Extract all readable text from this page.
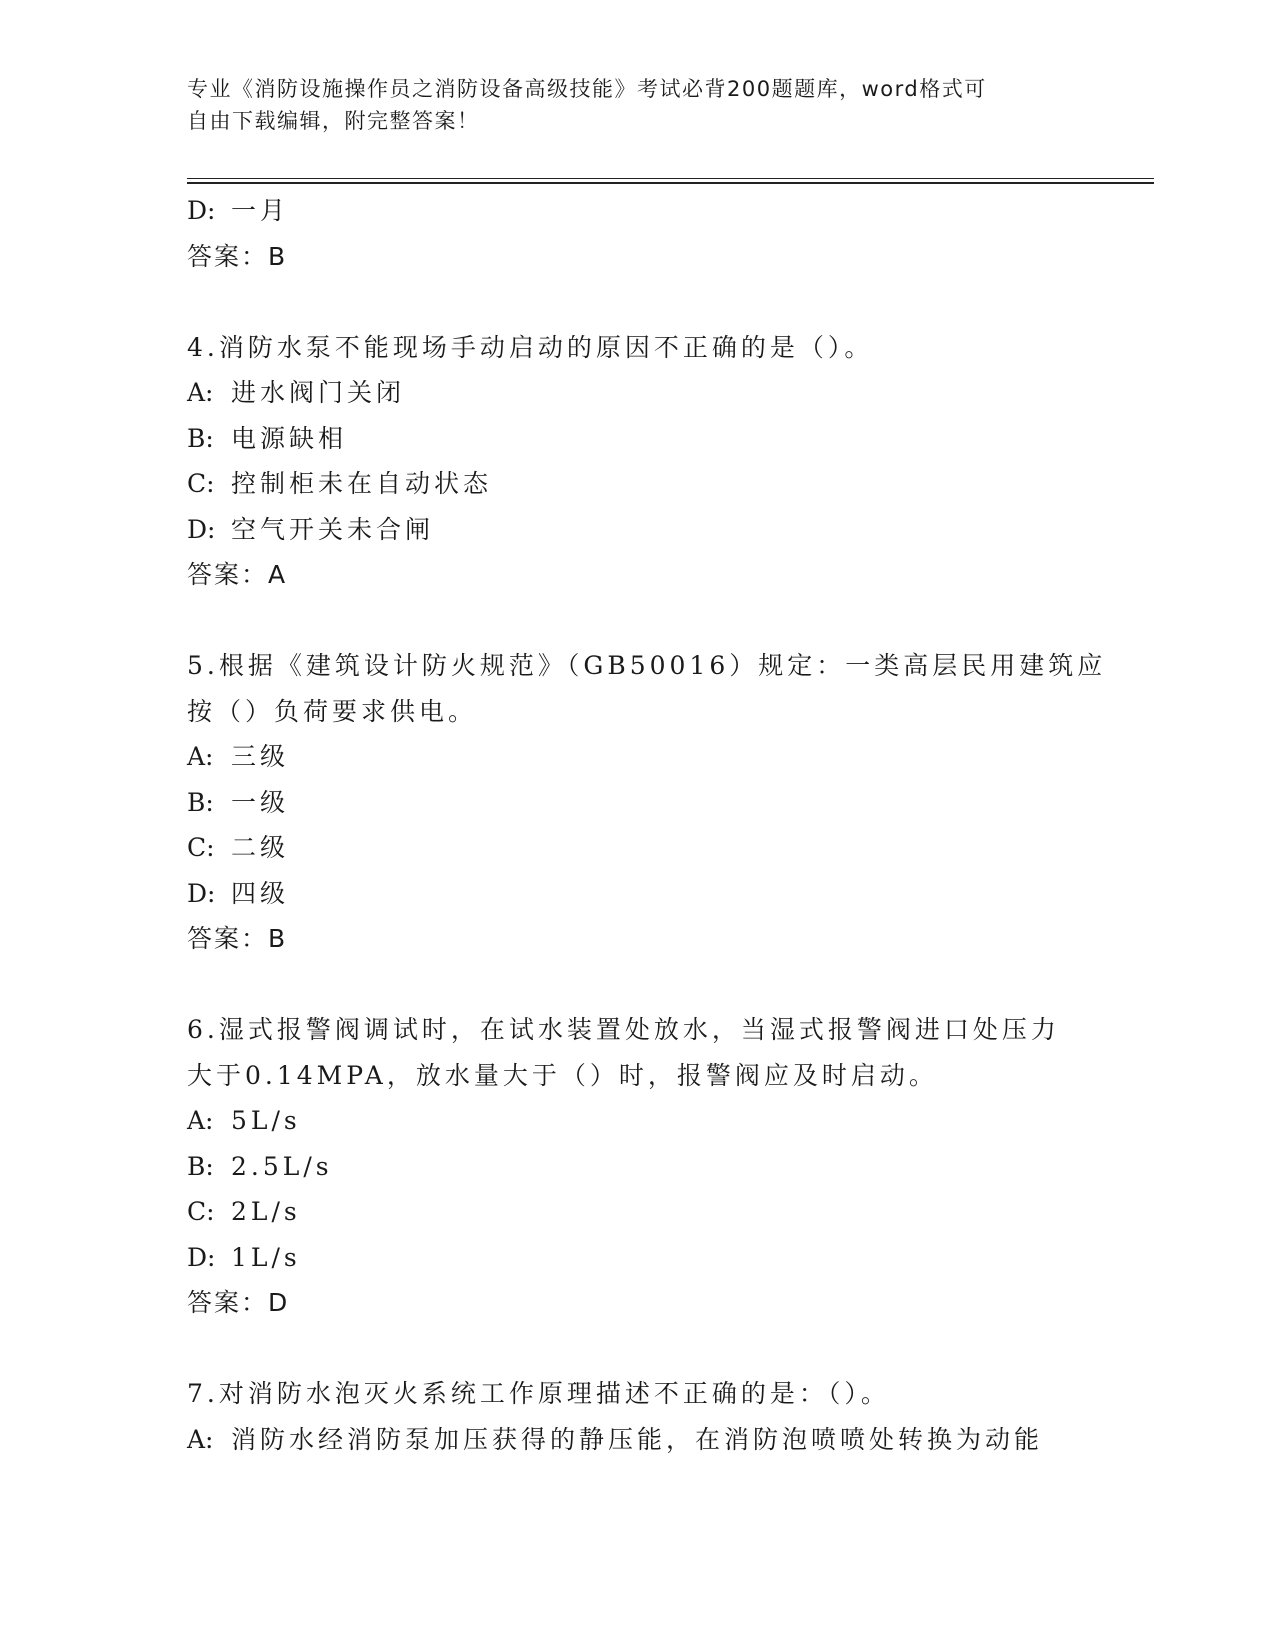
专业《消防设施操作员之消防设备高级技能》考试必背200题题库，word格式可
自由下载编辑，附完整答案！
D: 一月
答案：B
4.消防水泵不能现场手动启动的原因不正确的是（）。
A: 进水阀门关闭
B: 电源缺相
C: 控制柜未在自动状态
D: 空气开关未合闸
答案：A
5.根据《建筑设计防火规范》（GB50016）规定：一类高层民用建筑应
按（）负荷要求供电。
A: 三级
B: 一级
C: 二级
D: 四级
答案：B
6.湿式报警阀调试时，在试水装置处放水，当湿式报警阀进口处压力
大于0.14MPA，放水量大于（）时，报警阀应及时启动。
A: 5L/s
B: 2.5L/s
C: 2L/s
D: 1L/s
答案：D
7.对消防水泡灭火系统工作原理描述不正确的是：（）。
A: 消防水经消防泵加压获得的静压能，在消防泡喷喷处转换为动能
